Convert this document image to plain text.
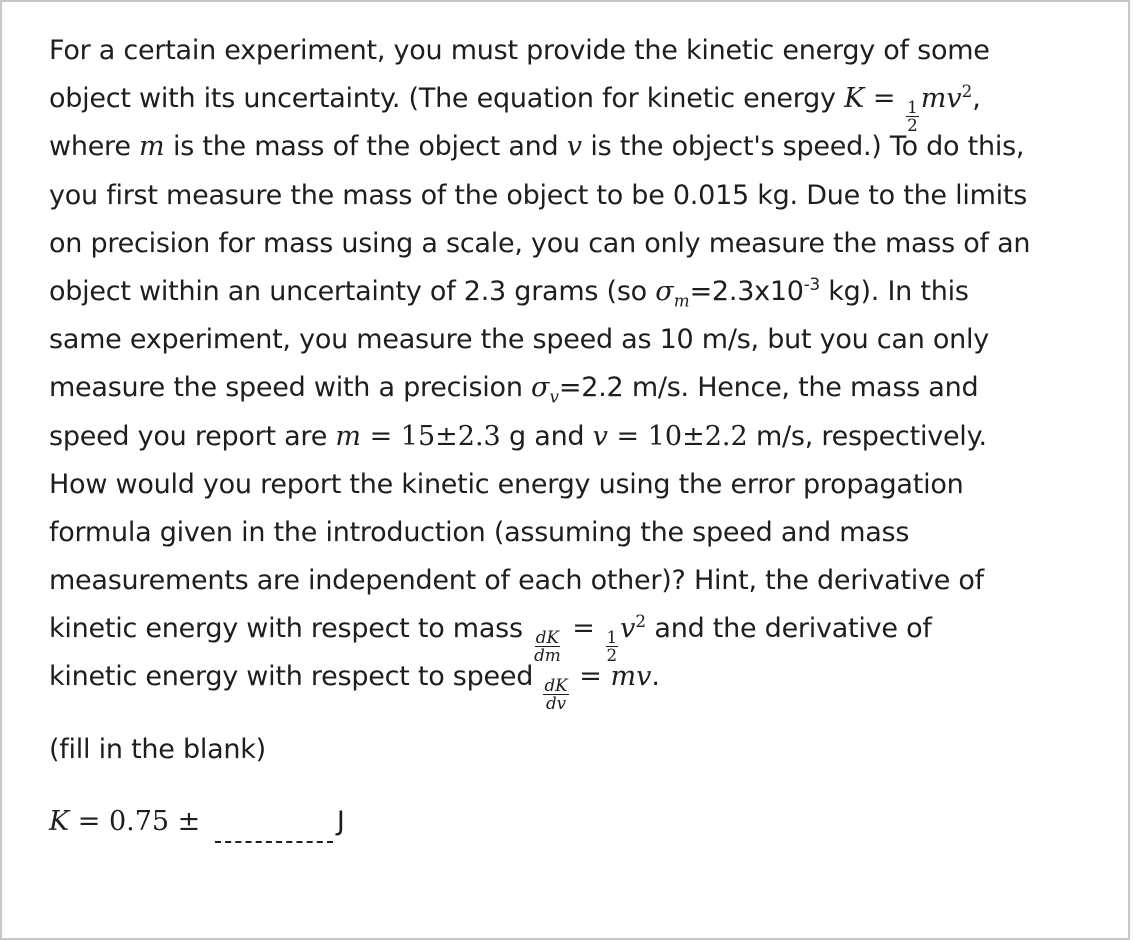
For a certain experiment, you must provide the kinetic energy of some
object with its uncertainty. (The equation for kinetic energy K =
$\frac{1}{2}$
$mv^2$,
where m is the mass of the object and v is the object's speed.) To do this,
you first measure the mass of the object to be 0.015 kg. Due to the limits
on precision for mass using a scale, you can only measure the mass of an
object within an uncertainty of 2.3 grams (so $\sigma_m=2.3x10^{-3}$ kg). In this
same experiment, you measure the speed as 10 m/s, but you can only
measure the speed with a precision $\sigma_v=2.2$ m/s. Hence, the mass and
speed you report are m = 15±2.3 g and v = 10±2.2 m/s, respectively.
How would you report the kinetic energy using the error propagation
formula given in the introduction (assuming the speed and mass
measurements are independent of each other)? Hint, the derivative of
kinetic energy with respect to mass
$\frac{dK}{dm}$
=
$\frac{1}{2}$
$v^2$ and the derivative of
kinetic energy with respect to speed
$\frac{dK}{dv}$
= mv.
(fill in the blank)
K = 0.75 ±	J
